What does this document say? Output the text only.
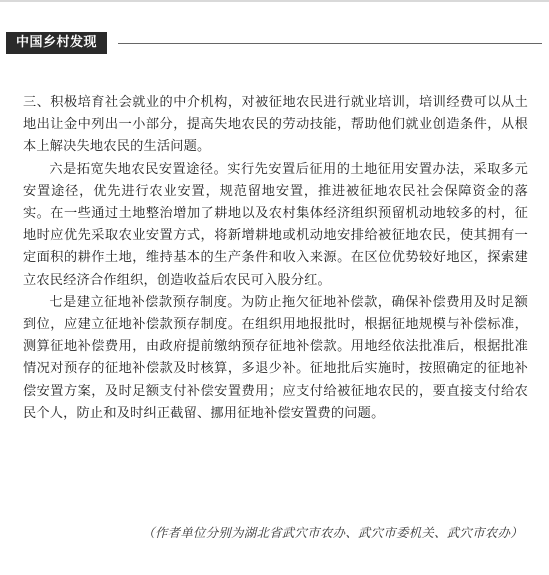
中国乡村发现

三、积极培育社会就业的中介机构，对被征地农民进行就业培训，培训经费可以从土地出让金中列出一小部分，提高失地农民的劳动技能，帮助他们就业创造条件，从根本上解决失地农民的生活问题。

六是拓宽失地农民安置途径。实行先安置后征用的土地征用安置办法，采取多元安置途径，优先进行农业安置，规范留地安置，推进被征地农民社会保障资金的落实。在一些通过土地整治增加了耕地以及农村集体经济组织预留机动地较多的村，征地时应优先采取农业安置方式，将新增耕地或机动地安排给被征地农民，使其拥有一定面积的耕作土地，维持基本的生产条件和收入来源。在区位优势较好地区，探索建立农民经济合作组织，创造收益后农民可入股分红。

七是建立征地补偿款预存制度。为防止拖欠征地补偿款，确保补偿费用及时足额到位，应建立征地补偿款预存制度。在组织用地报批时，根据征地规模与补偿标准，测算征地补偿费用，由政府提前缴纳预存征地补偿款。用地经依法批准后，根据批准情况对预存的征地补偿款及时核算，多退少补。征地批后实施时，按照确定的征地补偿安置方案，及时足额支付补偿安置费用；应支付给被征地农民的，要直接支付给农民个人，防止和及时纠正截留、挪用征地补偿安置费的问题。

（作者单位分别为湖北省武穴市农办、武穴市委机关、武穴市农办）
